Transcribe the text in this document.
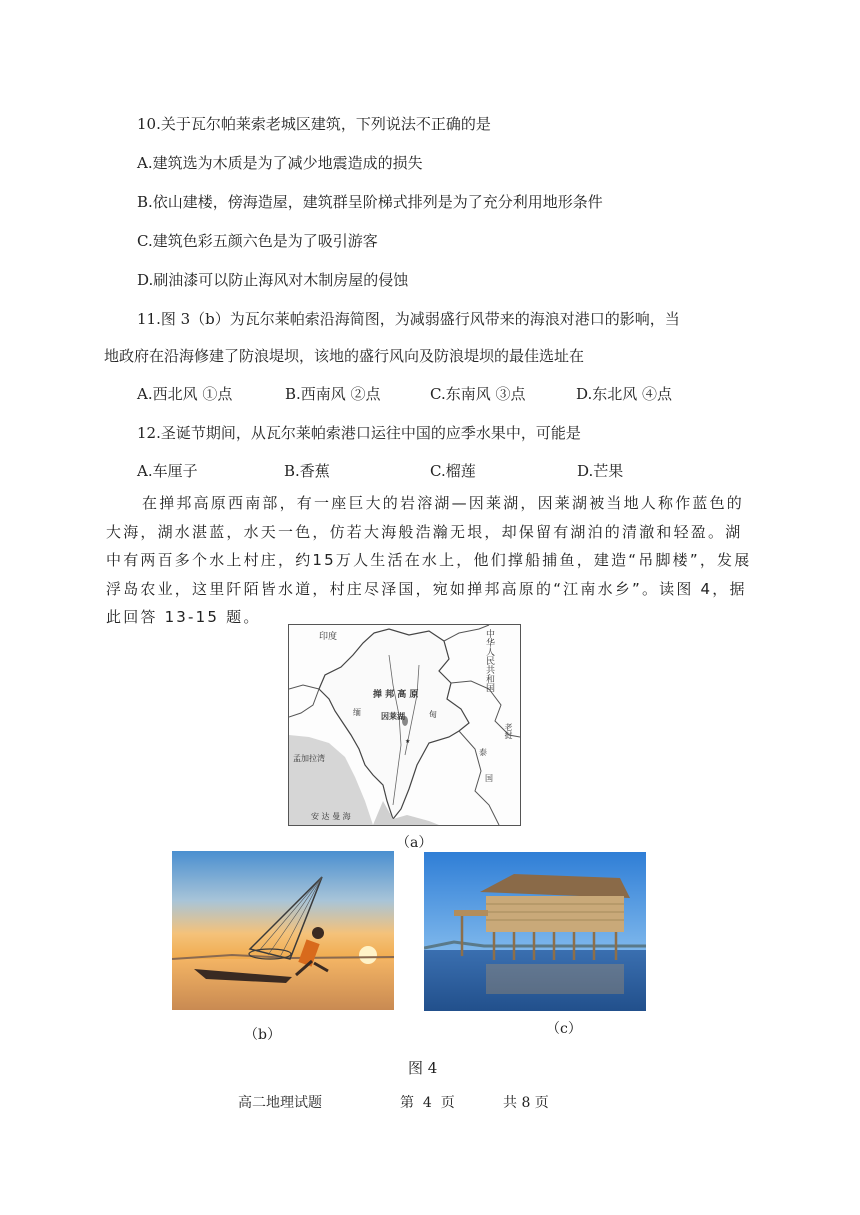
10.关于瓦尔帕莱索老城区建筑，下列说法不正确的是
A.建筑选为木质是为了减少地震造成的损失
B.依山建楼，傍海造屋，建筑群呈阶梯式排列是为了充分利用地形条件
C.建筑色彩五颜六色是为了吸引游客
D.刷油漆可以防止海风对木制房屋的侵蚀
11.图 3（b）为瓦尔莱帕索沿海简图，为减弱盛行风带来的海浪对港口的影响，当
地政府在沿海修建了防浪堤坝，该地的盛行风向及防浪堤坝的最佳选址在
A.西北风 ①点	B.西南风 ②点	C.东南风 ③点	D.东北风 ④点
12.圣诞节期间，从瓦尔莱帕索港口运往中国的应季水果中，可能是
A.车厘子	B.香蕉	C.榴莲	D.芒果
在掸邦高原西南部，有一座巨大的岩溶湖—因莱湖，因莱湖被当地人称作蓝色的大海，湖水湛蓝，水天一色，仿若大海般浩瀚无垠，却保留有湖泊的清澈和轻盈。湖中有两百多个水上村庄，约15万人生活在水上，他们撑船捕鱼，建造“吊脚楼”，发展浮岛农业，这里阡陌皆水道，村庄尽泽国，宛如掸邦高原的“江南水乡”。读图 4，据此回答 13-15 题。
★
印度	中华人民共和国
掸 邦 高 原
因莱湖
缅	甸
孟加拉湾
老挝
泰
国
安 达 曼 海
（a）
（b）	（c）
图 4
高二地理试题	第  4  页	共 8 页
